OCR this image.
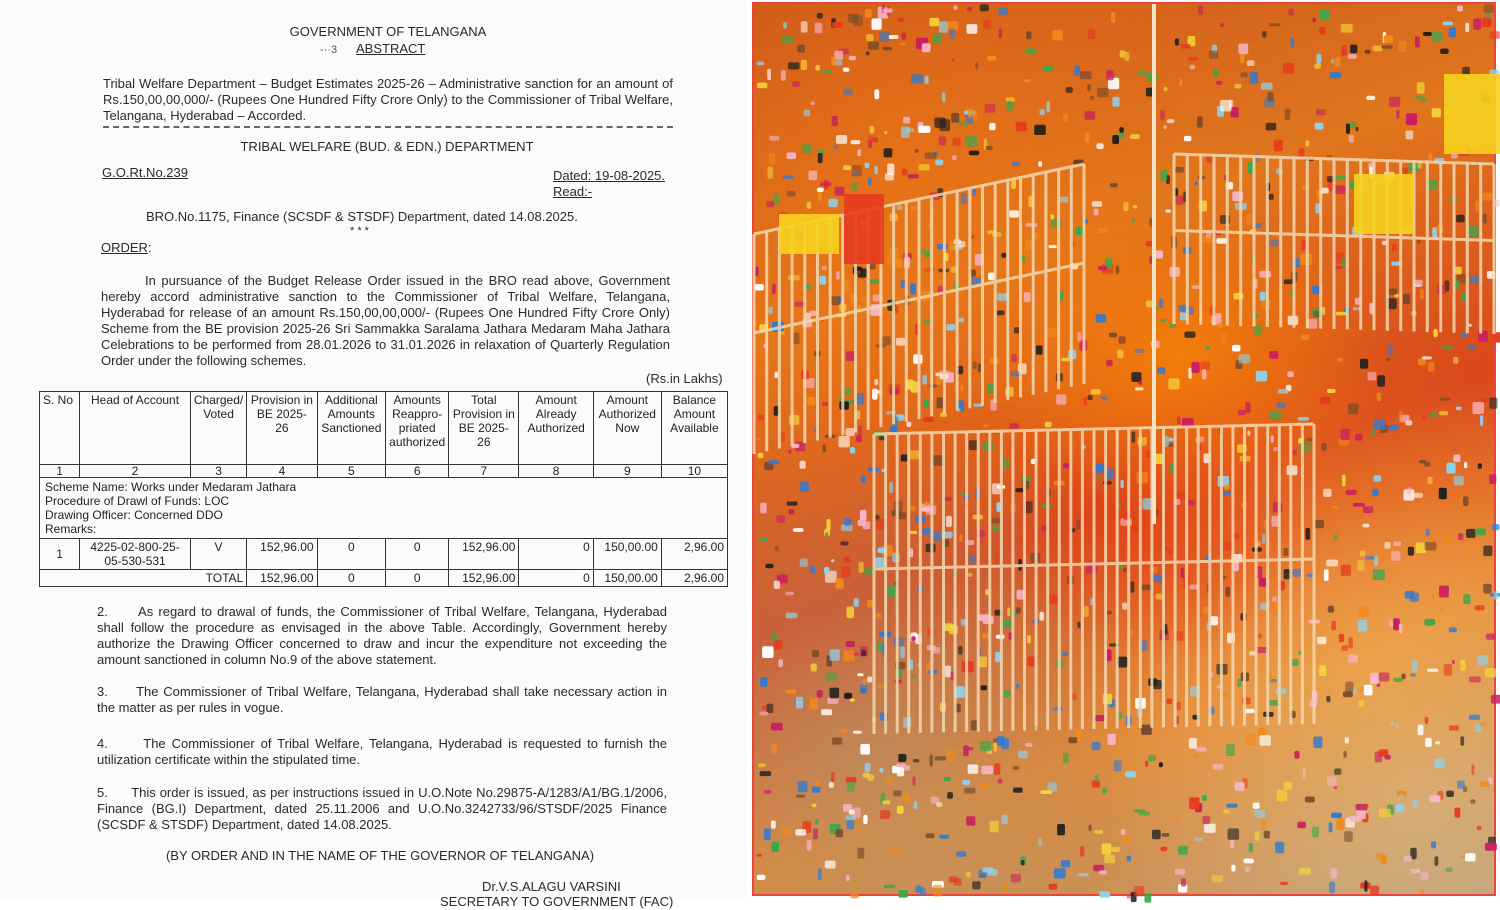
GOVERNMENT OF TELANGANA
-··3 ABSTRACT
Tribal Welfare Department – Budget Estimates 2025-26 – Administrative sanction for an amount of Rs.150,00,00,000/- (Rupees One Hundred Fifty Crore Only) to the Commissioner of Tribal Welfare, Telangana, Hyderabad – Accorded.
TRIBAL WELFARE (BUD. & EDN.) DEPARTMENT
G.O.Rt.No.239	Dated: 19-08-2025.
Read:-
BRO.No.1175, Finance (SCSDF & STSDF) Department, dated 14.08.2025.
* * *
ORDER:
In pursuance of the Budget Release Order issued in the BRO read above, Government hereby accord administrative sanction to the Commissioner of Tribal Welfare, Telangana, Hyderabad for release of an amount Rs.150,00,00,000/- (Rupees One Hundred Fifty Crore Only) Scheme from the BE provision 2025-26 Sri Sammakka Saralama Jathara Medaram Maha Jathara Celebrations to be performed from 28.01.2026 to 31.01.2026 in relaxation of Quarterly Regulation Order under the following schemes.
(Rs.in Lakhs)
S. No	Head of Account	Charged/ Voted	Provision in BE 2025-26	Additional Amounts Sanctioned	Amounts Reappro-priated authorized	Total Provision in BE 2025-26	Amount Already Authorized	Amount Authorized Now	Balance Amount Available
1	2	3	4	5	6	7	8	9	10

Scheme Name: Works under Medaram Jathara
Procedure of Drawl of Funds: LOC
Drawing Officer: Concerned DDO
Remarks:									

1	4225-02-800-25-05-530-531	V	152,96.00	0	0	152,96.00	0	150,00.00	2,96.00
TOTAL			152,96.00	0	0	152,96.00	0	150,00.00	2,96.00
2.      As regard to drawal of funds, the Commissioner of Tribal Welfare, Telangana, Hyderabad shall follow the procedure as envisaged in the above Table. Accordingly, Government hereby authorize the Drawing Officer concerned to draw and incur the expenditure not exceeding the amount sanctioned in column No.9 of the above statement.
3.      The Commissioner of Tribal Welfare, Telangana, Hyderabad shall take necessary action in the matter as per rules in vogue.
4.      The Commissioner of Tribal Welfare, Telangana, Hyderabad is requested to furnish the utilization certificate within the stipulated time.
5.      This order is issued, as per instructions issued in U.O.Note No.29875-A/1283/A1/BG.1/2006, Finance (BG.I) Department, dated 25.11.2006 and U.O.No.3242733/96/STSDF/2025 Finance (SCSDF & STSDF) Department, dated 14.08.2025.
(BY ORDER AND IN THE NAME OF THE GOVERNOR OF TELANGANA)
Dr.V.S.ALAGU VARSINI
SECRETARY TO GOVERNMENT (FAC)
